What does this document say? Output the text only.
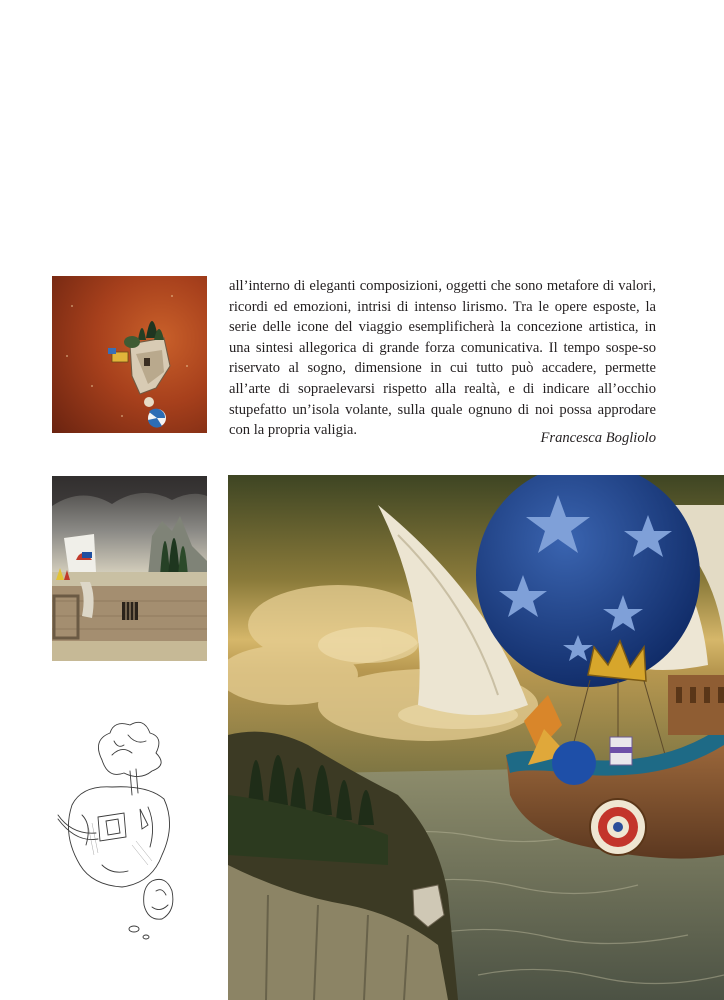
all’interno di eleganti composizioni, oggetti che sono metafore di valori, ricordi ed emozioni, intrisi di intenso lirismo. Tra le opere esposte, la serie delle icone del viaggio esemplificherà la concezione artistica, in una sintesi allegorica di grande forza comunicativa. Il tempo sospe-so riservato al sogno, dimensione in cui tutto può accadere, permette all’arte di sopraelevarsi rispetto alla realtà, e di indicare all’occhio stupefatto un’isola volante, sulla quale ognuno di noi possa approdare con la propria valigia.	Francesca Bogliolo
